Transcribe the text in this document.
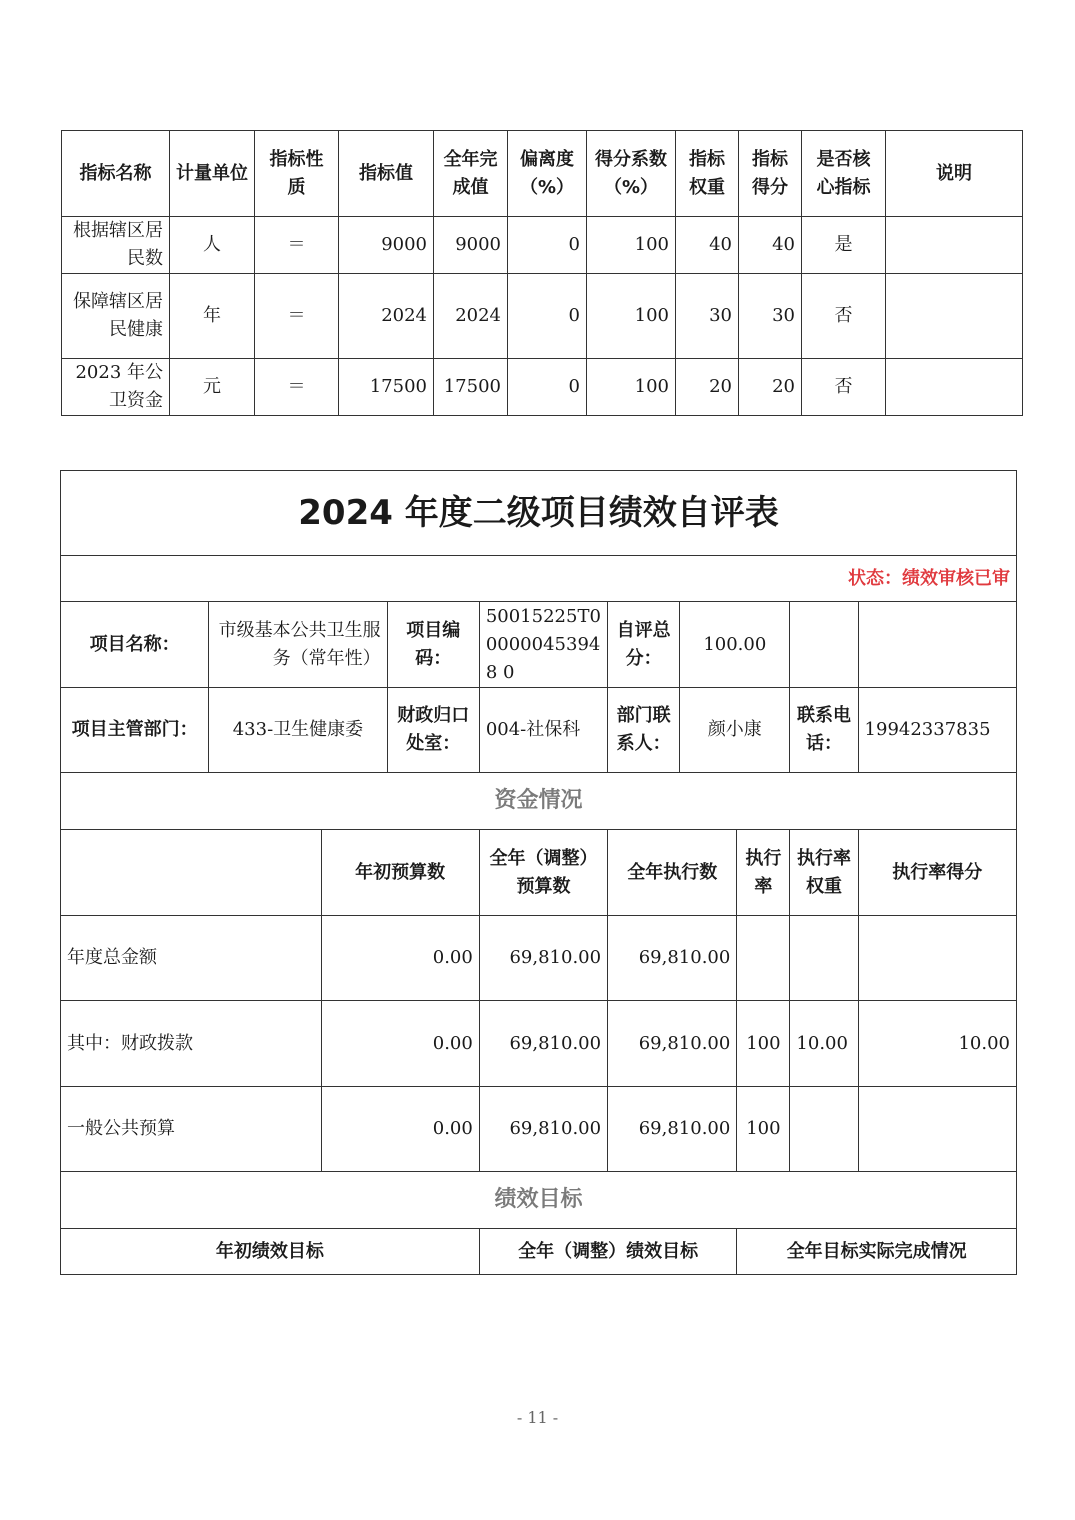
指标名称	计量单位	指标性质	指标值	全年完成值	偏离度（%）	得分系数（%）	指标权重	指标得分	是否核心指标	说明
根据辖区居民数	人	＝	9000	9000	0	100	40	40	是	
保障辖区居民健康	年	＝	2024	2024	0	100	30	30	否	
2023 年公卫资金	元	＝	17500	17500	0	100	20	20	否	
2024 年度二级项目绩效自评表									
状态：绩效审核已审									
项目名称：	市级基本公共卫生服务（常年性）		项目编码：	50015225T000000453948 0	自评总分：	100.00			
项目主管部门：	433-卫生健康委		财政归口处室：	004-社保科	部门联系人：	颜小康		联系电话：	19942337835
资金情况									
		年初预算数		全年（调整）预算数	全年执行数		执行率	执行率权重	执行率得分
年度总金额		0.00		69,810.00	69,810.00				
其中：财政拨款		0.00		69,810.00	69,810.00		100	10.00	10.00
一般公共预算		0.00		69,810.00	69,810.00		100		
绩效目标									
年初绩效目标				全年（调整）绩效目标			全年目标实际完成情况		
- 11 -
